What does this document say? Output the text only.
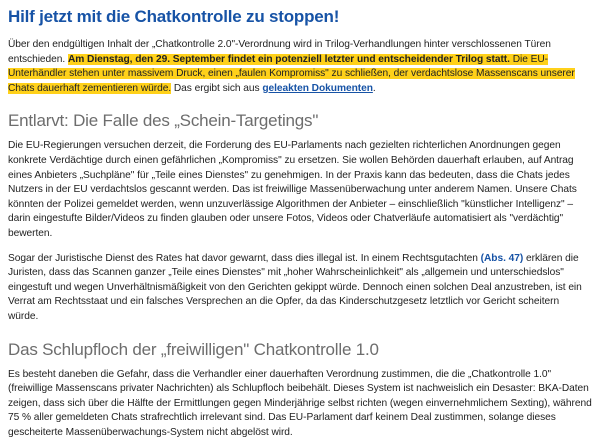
Hilf jetzt mit die Chatkontrolle zu stoppen!

Über den endgültigen Inhalt der „Chatkontrolle 2.0"-Verordnung wird in Trilog-Verhandlungen hinter verschlossenen Türen entschieden. Am Dienstag, den 29. September findet ein potenziell letzter und entscheidender Trilog statt. Die EU-Unterhändler stehen unter massivem Druck, einen „faulen Kompromiss" zu schließen, der verdachtslose Massenscans unserer Chats dauerhaft zementieren würde. Das ergibt sich aus geleakten Dokumenten.

Entlarvt: Die Falle des „Schein-Targetings"

Die EU-Regierungen versuchen derzeit, die Forderung des EU-Parlaments nach gezielten richterlichen Anordnungen gegen konkrete Verdächtige durch einen gefährlichen „Kompromiss" zu ersetzen. Sie wollen Behörden dauerhaft erlauben, auf Antrag eines Anbieters „Suchpläne" für „Teile eines Dienstes" zu genehmigen. In der Praxis kann das bedeuten, dass die Chats jedes Nutzers in der EU verdachtslos gescannt werden. Das ist freiwillige Massenüberwachung unter anderem Namen. Unsere Chats könnten der Polizei gemeldet werden, wenn unzuverlässige Algorithmen der Anbieter – einschließlich "künstlicher Intelligenz" – darin eingestufte Bilder/Videos zu finden glauben oder unsere Fotos, Videos oder Chatverläufe automatisiert als "verdächtig" bewerten.

Sogar der Juristische Dienst des Rates hat davor gewarnt, dass dies illegal ist. In einem Rechtsgutachten (Abs. 47) erklären die Juristen, dass das Scannen ganzer „Teile eines Dienstes" mit „hoher Wahrscheinlichkeit" als „allgemein und unterschiedslos" eingestuft und wegen Unverhältnismäßigkeit von den Gerichten gekippt würde. Dennoch einen solchen Deal anzustreben, ist ein Verrat am Rechtsstaat und ein falsches Versprechen an die Opfer, da das Kinderschutzgesetz letztlich vor Gericht scheitern würde.

Das Schlupfloch der „freiwilligen" Chatkontrolle 1.0

Es besteht daneben die Gefahr, dass die Verhandler einer dauerhaften Verordnung zustimmen, die die „Chatkontrolle 1.0" (freiwillige Massenscans privater Nachrichten) als Schlupfloch beibehält. Dieses System ist nachweislich ein Desaster: BKA-Daten zeigen, dass sich über die Hälfte der Ermittlungen gegen Minderjährige selbst richten (wegen einvernehmlichem Sexting), während 75 % aller gemeldeten Chats strafrechtlich irrelevant sind. Das EU-Parlament darf keinem Deal zustimmen, solange dieses gescheiterte Massenüberwachungs-System nicht abgelöst wird.
